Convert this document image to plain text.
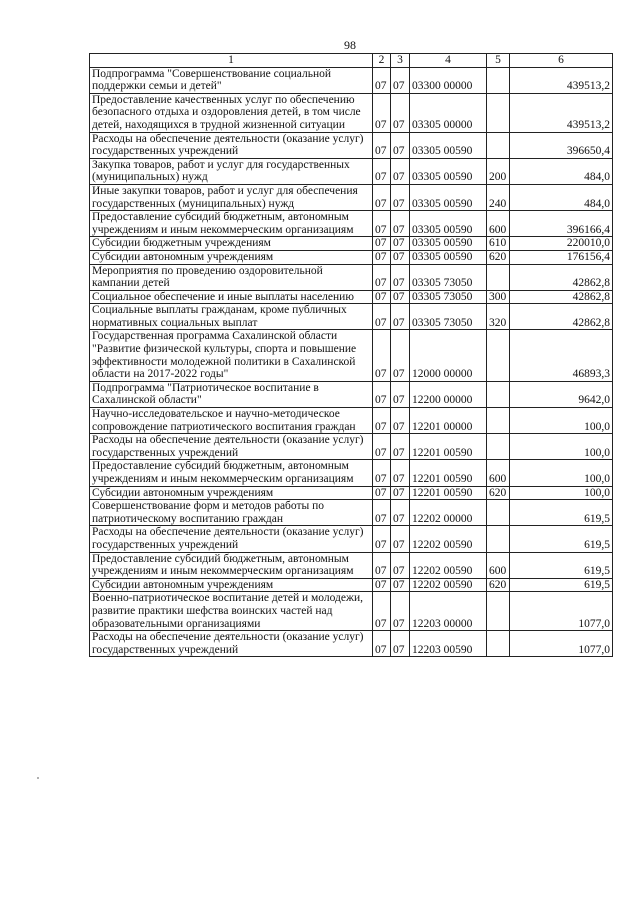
98
1	2	3	4	5	6
Подпрограмма "Совершенствование социальной поддержки семьи и детей"	07	07	03300 00000		439513,2
Предоставление качественных услуг по обеспечению безопасного отдыха и оздоровления детей, в том числе детей, находящихся в трудной жизненной ситуации	07	07	03305 00000		439513,2
Расходы на обеспечение деятельности (оказание услуг) государственных учреждений	07	07	03305 00590		396650,4
Закупка товаров, работ и услуг для государственных (муниципальных) нужд	07	07	03305 00590	200	484,0
Иные закупки товаров, работ и услуг для обеспечения государственных (муниципальных) нужд	07	07	03305 00590	240	484,0
Предоставление субсидий бюджетным, автономным учреждениям и иным некоммерческим организациям	07	07	03305 00590	600	396166,4
Субсидии бюджетным учреждениям	07	07	03305 00590	610	220010,0
Субсидии автономным учреждениям	07	07	03305 00590	620	176156,4
Мероприятия по проведению оздоровительной кампании детей	07	07	03305 73050		42862,8
Социальное обеспечение и иные выплаты населению	07	07	03305 73050	300	42862,8
Социальные выплаты гражданам, кроме публичных нормативных социальных выплат	07	07	03305 73050	320	42862,8
Государственная программа Сахалинской области "Развитие физической культуры, спорта и повышение эффективности молодежной политики в Сахалинской области на 2017-2022 годы"	07	07	12000 00000		46893,3
Подпрограмма "Патриотическое воспитание в Сахалинской области"	07	07	12200 00000		9642,0
Научно-исследовательское и научно-методическое сопровождение патриотического воспитания граждан	07	07	12201 00000		100,0
Расходы на обеспечение деятельности (оказание услуг) государственных учреждений	07	07	12201 00590		100,0
Предоставление субсидий бюджетным, автономным учреждениям и иным некоммерческим организациям	07	07	12201 00590	600	100,0
Субсидии автономным учреждениям	07	07	12201 00590	620	100,0
Совершенствование форм и методов работы по патриотическому воспитанию граждан	07	07	12202 00000		619,5
Расходы на обеспечение деятельности (оказание услуг) государственных учреждений	07	07	12202 00590		619,5
Предоставление субсидий бюджетным, автономным учреждениям и иным некоммерческим организациям	07	07	12202 00590	600	619,5
Субсидии автономным учреждениям	07	07	12202 00590	620	619,5
Военно-патриотическое воспитание детей и молодежи, развитие практики шефства воинских частей над образовательными организациями	07	07	12203 00000		1077,0
Расходы на обеспечение деятельности (оказание услуг) государственных учреждений	07	07	12203 00590		1077,0
